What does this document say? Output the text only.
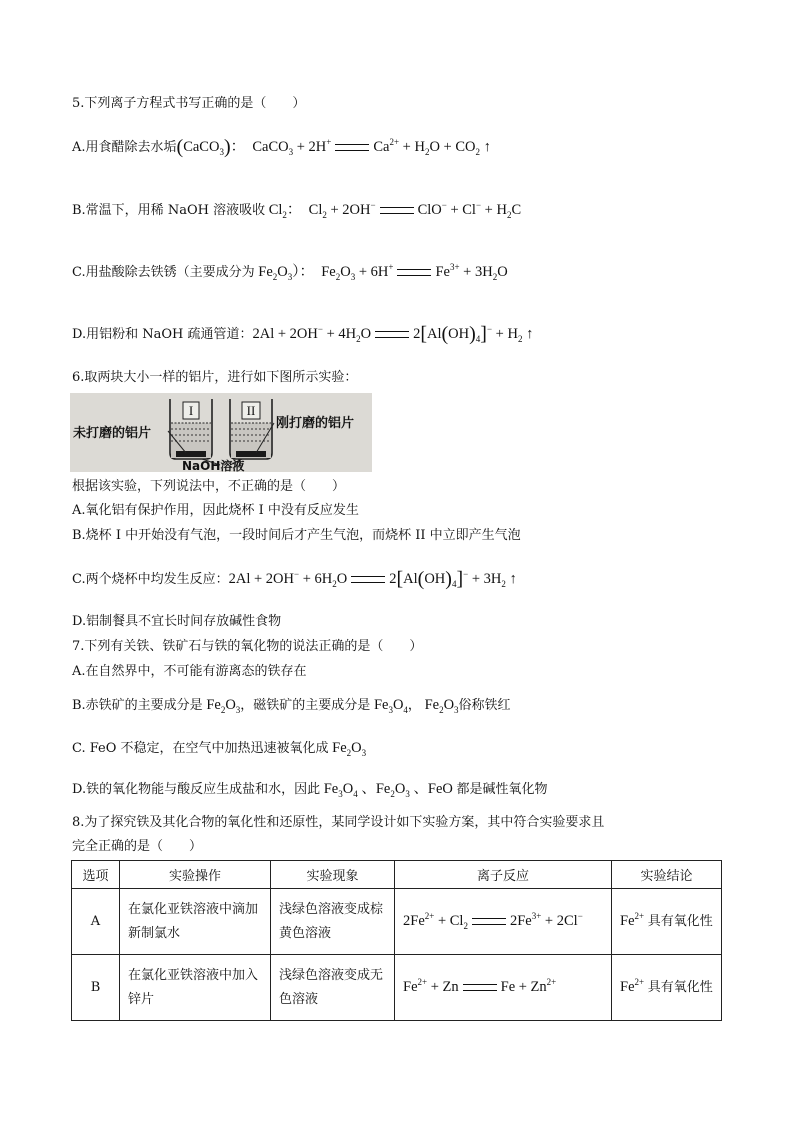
5.下列离子方程式书写正确的是（　　）
A.用食醋除去水垢(CaCO$_3$)：  CaCO$_3$ + 2H+	$Ca^{2+} + H_2O + CO_2$ ↑
B.常温下，用稀 NaOH 溶液吸收 $Cl_2$：  $Cl_2 + 2OH^-$	$ClO^- + Cl^- + H_2C$
C.用盐酸除去铁锈（主要成分为 $Fe_2O_3$）：  $Fe_2O_3 + 6H^+$	$Fe^{3+} + 3H_2O$
D.用铝粉和 NaOH 疏通管道：$2Al + 2OH^- + 4H_2O$	$2[Al(OH)_4]^- + H_2$ ↑
6.取两块大小一样的铝片，进行如下图所示实验：
I	II
未打磨的铝片
刚打磨的铝片
NaOH溶液
根据该实验，下列说法中，不正确的是（　　）
A.氧化铝有保护作用，因此烧杯 I 中没有反应发生
B.烧杯 I 中开始没有气泡，一段时间后才产生气泡，而烧杯 II 中立即产生气泡
C.两个烧杯中均发生反应：$2Al + 2OH^- + 6H_2O$	$2[Al(OH)_4]^- + 3H_2$ ↑
D.铝制餐具不宜长时间存放碱性食物
7.下列有关铁、铁矿石与铁的氧化物的说法正确的是（　　）
A.在自然界中，不可能有游离态的铁存在
B.赤铁矿的主要成分是 $Fe_2O_3$，磁铁矿的主要成分是 $Fe_3O_4$， $Fe_2O_3$俗称铁红
C. FeO 不稳定，在空气中加热迅速被氧化成 $Fe_2O_3$
D.铁的氧化物能与酸反应生成盐和水，因此 $Fe_3O_4$ 、$Fe_2O_3$ 、FeO 都是碱性氧化物
8.为了探究铁及其化合物的氧化性和还原性，某同学设计如下实验方案，其中符合实验要求且
完全正确的是（　　）
选项	实验操作	实验现象	离子反应	实验结论
A	在氯化亚铁溶液中滴加新制氯水	浅绿色溶液变成棕黄色溶液	$2Fe^{2+} + Cl_2$ $2Fe^{3+} + 2Cl^-$	$Fe^{2+}$ 具有氧化性
B	在氯化亚铁溶液中加入锌片	浅绿色溶液变成无色溶液	$Fe^{2+} + Zn$ $Fe + Zn^{2+}$	$Fe^{2+}$ 具有氧化性
